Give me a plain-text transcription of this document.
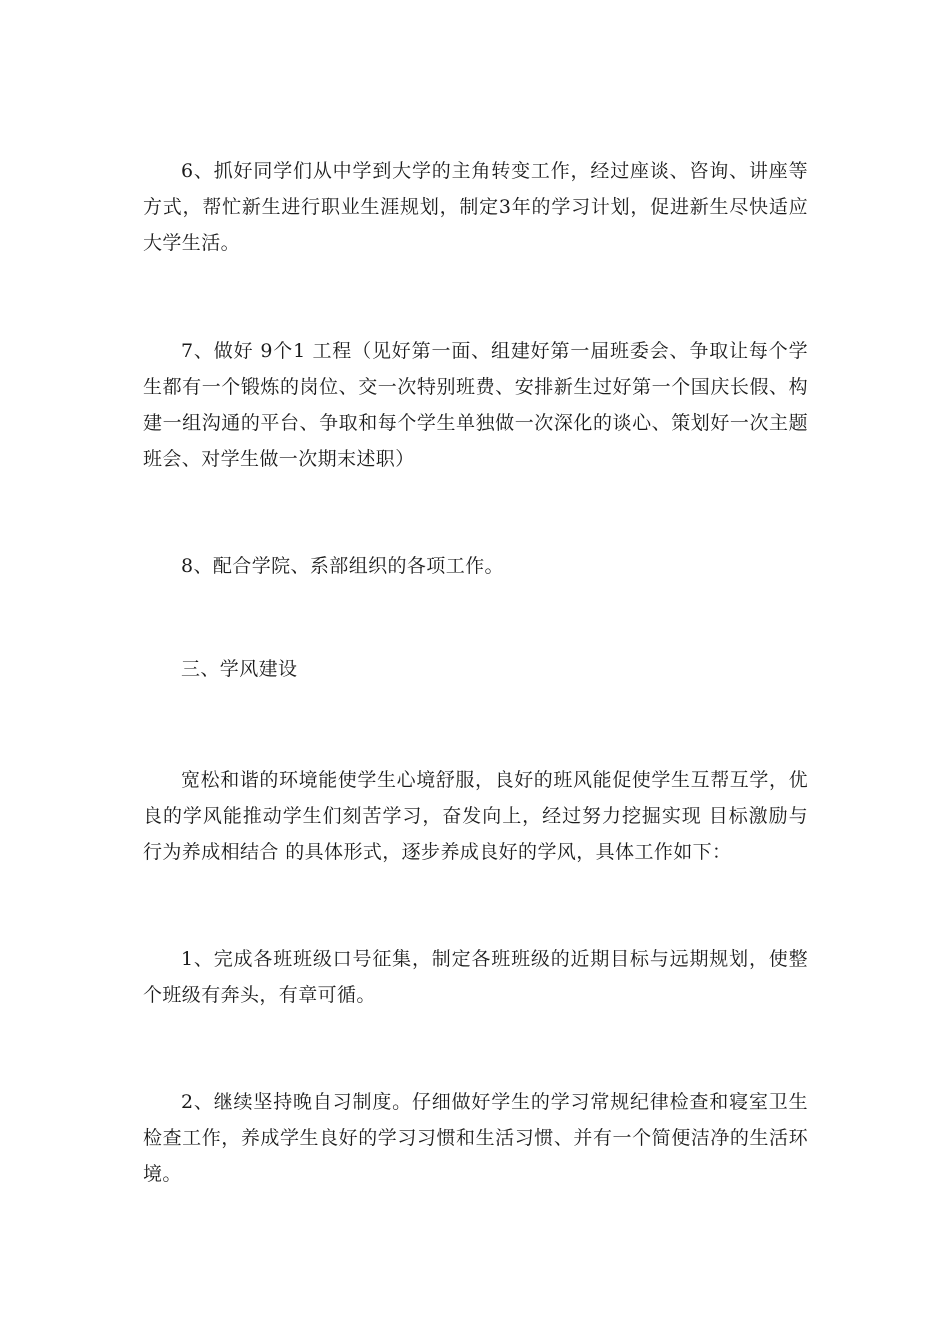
6、抓好同学们从中学到大学的主角转变工作，经过座谈、咨询、讲座等方式，帮忙新生进行职业生涯规划，制定3年的学习计划，促进新生尽快适应大学生活。

7、做好 9个1 工程（见好第一面、组建好第一届班委会、争取让每个学生都有一个锻炼的岗位、交一次特别班费、安排新生过好第一个国庆长假、构建一组沟通的平台、争取和每个学生单独做一次深化的谈心、策划好一次主题班会、对学生做一次期末述职）

8、配合学院、系部组织的各项工作。

三、学风建设

宽松和谐的环境能使学生心境舒服，良好的班风能促使学生互帮互学，优良的学风能推动学生们刻苦学习，奋发向上，经过努力挖掘实现 目标激励与行为养成相结合 的具体形式，逐步养成良好的学风，具体工作如下：

1、完成各班班级口号征集，制定各班班级的近期目标与远期规划，使整个班级有奔头，有章可循。

2、继续坚持晚自习制度。仔细做好学生的学习常规纪律检查和寝室卫生检查工作，养成学生良好的学习习惯和生活习惯、并有一个简便洁净的生活环境。
